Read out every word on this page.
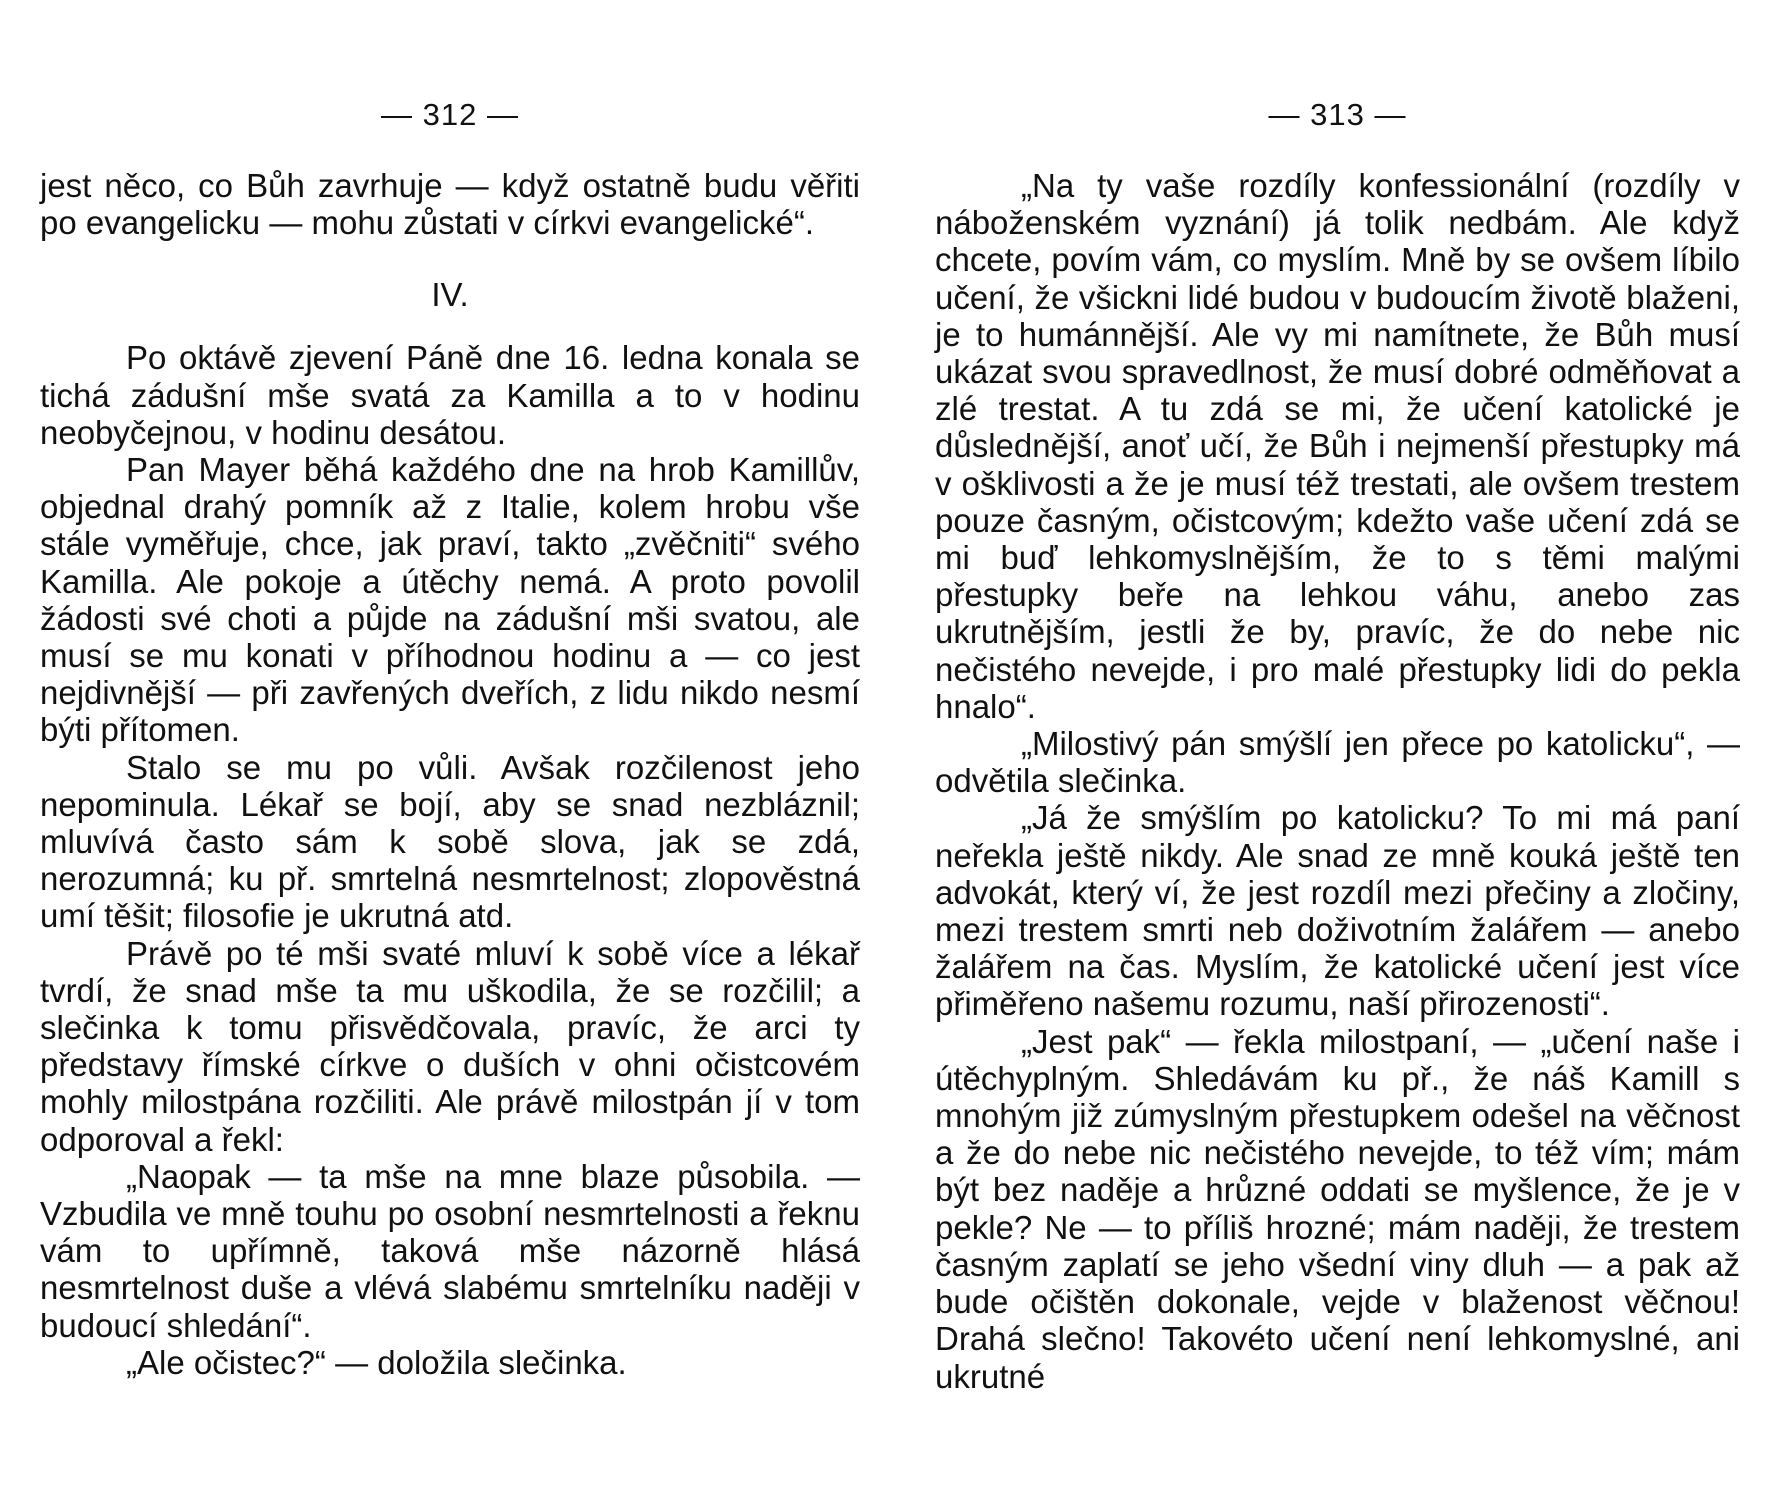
— 312 —

jest něco, co Bůh zavrhuje — když ostatně budu věřiti po evangelicku — mohu zůstati v církvi evangelické“.

IV.

Po oktávě zjevení Páně dne 16. ledna konala se tichá zádušní mše svatá za Kamilla a to v hodinu neobyčejnou, v hodinu desátou.

Pan Mayer běhá každého dne na hrob Kamillův, objednal drahý pomník až z Italie, kolem hrobu vše stále vyměřuje, chce, jak praví, takto „zvěčniti“ svého Kamilla. Ale pokoje a útěchy nemá. A proto povolil žádosti své choti a půjde na zádušní mši svatou, ale musí se mu konati v příhodnou hodinu a — co jest nejdivnější — při zavřených dveřích, z lidu nikdo nesmí býti přítomen.

Stalo se mu po vůli. Avšak rozčilenost jeho nepominula. Lékař se bojí, aby se snad nezbláznil; mluvívá často sám k sobě slova, jak se zdá, nerozumná; ku př. smrtelná nesmrtelnost; zlopověstná umí těšit; filosofie je ukrutná atd.

Právě po té mši svaté mluví k sobě více a lékař tvrdí, že snad mše ta mu uškodila, že se rozčilil; a slečinka k tomu přisvědčovala, pravíc, že arci ty představy římské církve o duších v ohni očistcovém mohly milostpána rozčiliti. Ale právě milostpán jí v tom odporoval a řekl:

„Naopak — ta mše na mne blaze působila. — Vzbudila ve mně touhu po osobní nesmrtelnosti a řeknu vám to upřímně, taková mše názorně hlásá nesmrtelnost duše a vlévá slabému smrtelníku naději v budoucí shledání“.

„Ale očistec?“ — doložila slečinka.

— 313 —

„Na ty vaše rozdíly konfessionální (rozdíly v náboženském vyznání) já tolik nedbám. Ale když chcete, povím vám, co myslím. Mně by se ovšem líbilo učení, že všickni lidé budou v budoucím životě blaženi, je to humánnější. Ale vy mi namítnete, že Bůh musí ukázat svou spravedlnost, že musí dobré odměňovat a zlé trestat. A tu zdá se mi, že učení katolické je důslednější, anoť učí, že Bůh i nejmenší přestupky má v ošklivosti a že je musí též trestati, ale ovšem trestem pouze časným, očistcovým; kdežto vaše učení zdá se mi buď lehkomyslnějším, že to s těmi malými přestupky beře na lehkou váhu, anebo zas ukrutnějším, jestli že by, pravíc, že do nebe nic nečistého nevejde, i pro malé přestupky lidi do pekla hnalo“.

„Milostivý pán smýšlí jen přece po katolicku“, — odvětila slečinka.

„Já že smýšlím po katolicku? To mi má paní neřekla ještě nikdy. Ale snad ze mně kouká ještě ten advokát, který ví, že jest rozdíl mezi přečiny a zločiny, mezi trestem smrti neb doživotním žalářem — anebo žalářem na čas. Myslím, že katolické učení jest více přiměřeno našemu rozumu, naší přirozenosti“.

„Jest pak“ — řekla milostpaní, — „učení naše i útěchyplným. Shledávám ku př., že náš Kamill s mnohým již zúmyslným přestupkem odešel na věčnost a že do nebe nic nečistého nevejde, to též vím; mám být bez naděje a hrůzné oddati se myšlence, že je v pekle? Ne — to příliš hrozné; mám naději, že trestem časným zaplatí se jeho všední viny dluh — a pak až bude očištěn dokonale, vejde v blaženost věčnou! Drahá slečno! Takovéto učení není lehkomyslné, ani ukrutné
